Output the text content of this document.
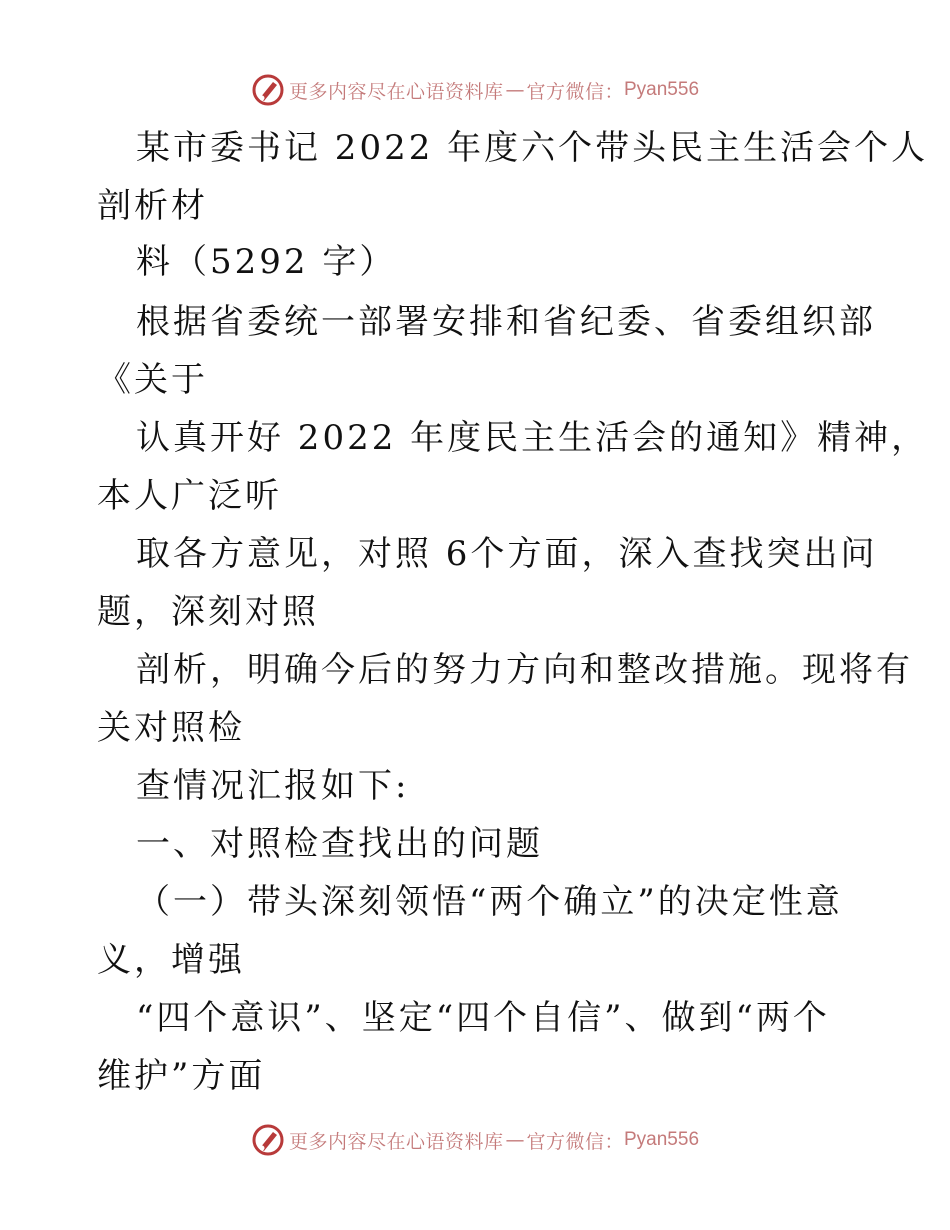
更多内容尽在心语资料库 — 官方微信： Pyan556
某市委书记 2022 年度六个带头民主生活会个人
剖析材
料（5292 字）
根据省委统一部署安排和省纪委、省委组织部
《关于
认真开好 2022 年度民主生活会的通知》精神，
本人广泛听
取各方意见，对照 6个方面，深入查找突出问
题，深刻对照
剖析，明确今后的努力方向和整改措施。现将有
关对照检
查情况汇报如下:
一、对照检查找出的问题
（一）带头深刻领悟“两个确立”的决定性意
义，增强
“四个意识”、坚定“四个自信”、做到“两个
维护”方面
更多内容尽在心语资料库 — 官方微信： Pyan556
